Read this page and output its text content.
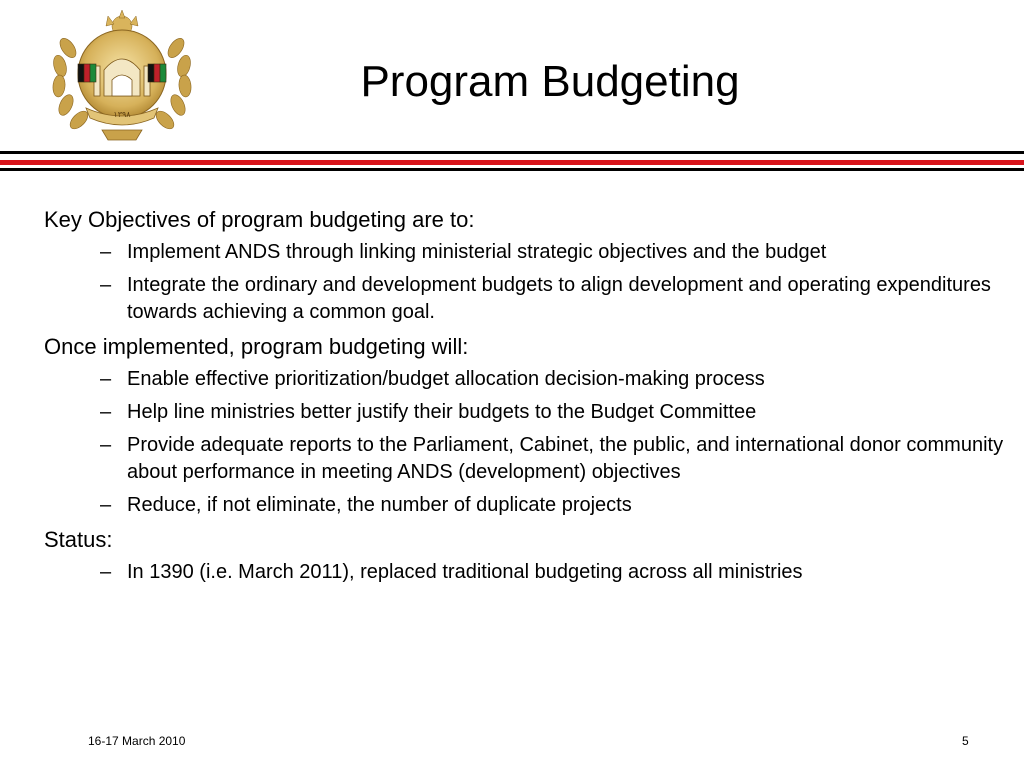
١٣٩٨
Program Budgeting
Key Objectives of program budgeting are to:
– Implement ANDS through linking ministerial strategic objectives and the budget
– Integrate the ordinary and development budgets to align development and operating expenditures towards achieving a common goal.
Once implemented, program budgeting will:
– Enable effective prioritization/budget allocation decision-making process
– Help line ministries better justify their budgets to the Budget Committee
– Provide adequate reports to the Parliament, Cabinet, the public, and international donor community about performance in meeting ANDS (development) objectives
– Reduce, if not eliminate, the number of duplicate projects
Status:
– In 1390 (i.e. March 2011), replaced traditional budgeting across all ministries
16-17 March 2010	5
